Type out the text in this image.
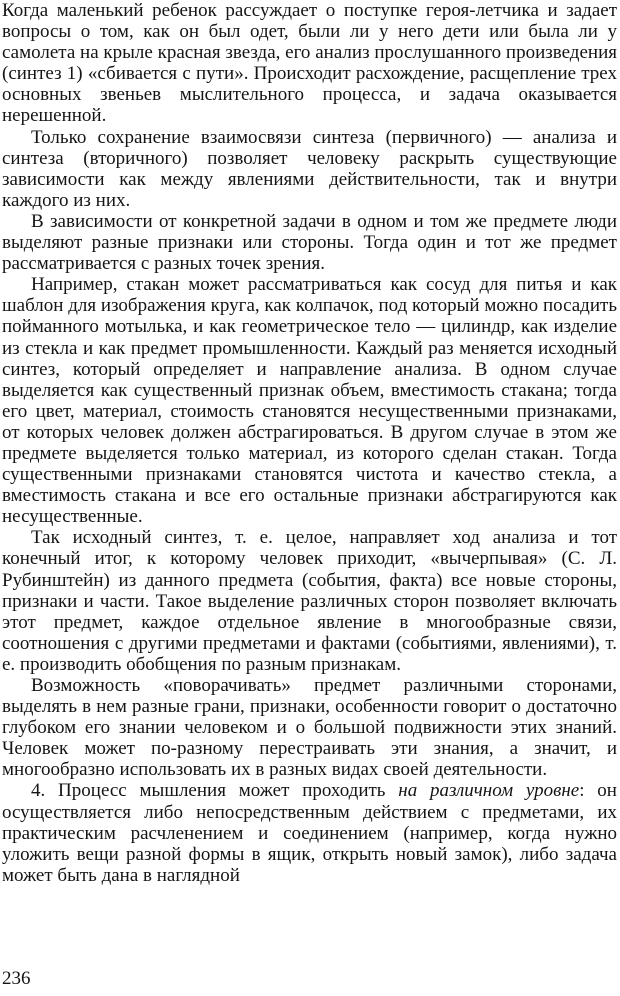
Когда маленький ребенок рассуждает о поступке героя-летчика и задает вопросы о том, как он был одет, были ли у него дети или была ли у самолета на крыле красная звезда, его анализ прослушанного произведения (синтез 1) «сбивается с пути». Происходит расхождение, расщепление трех основных звеньев мыслительного процесса, и задача оказывается нерешенной.

Только сохранение взаимосвязи синтеза (первичного) — анализа и синтеза (вторичного) позволяет человеку раскрыть существующие зависимости как между явлениями действительности, так и внутри каждого из них.

В зависимости от конкретной задачи в одном и том же предмете люди выделяют разные признаки или стороны. Тогда один и тот же предмет рассматривается с разных точек зрения.

Например, стакан может рассматриваться как сосуд для питья и как шаблон для изображения круга, как колпачок, под который можно посадить пойманного мотылька, и как геометрическое тело — цилиндр, как изделие из стекла и как предмет промышленности. Каждый раз меняется исходный синтез, который определяет и направление анализа. В одном случае выделяется как существенный признак объем, вместимость стакана; тогда его цвет, материал, стоимость становятся несущественными признаками, от которых человек должен абстрагироваться. В другом случае в этом же предмете выделяется только материал, из которого сделан стакан. Тогда существенными признаками становятся чистота и качество стекла, а вместимость стакана и все его остальные признаки абстрагируются как несущественные.

Так исходный синтез, т. е. целое, направляет ход анализа и тот конечный итог, к которому человек приходит, «вычерпывая» (С. Л. Рубинштейн) из данного предмета (события, факта) все новые стороны, признаки и части. Такое выделение различных сторон позволяет включать этот предмет, каждое отдельное явление в многообразные связи, соотношения с другими предметами и фактами (событиями, явлениями), т. е. производить обобщения по разным признакам.

Возможность «поворачивать» предмет различными сторонами, выделять в нем разные грани, признаки, особенности говорит о достаточно глубоком его знании человеком и о большой подвижности этих знаний. Человек может по-разному перестраивать эти знания, а значит, и многообразно использовать их в разных видах своей деятельности.

4. Процесс мышления может проходить на различном уровне: он осуществляется либо непосредственным действием с предметами, их практическим расчленением и соединением (например, когда нужно уложить вещи разной формы в ящик, открыть новый замок), либо задача может быть дана в наглядной

236
